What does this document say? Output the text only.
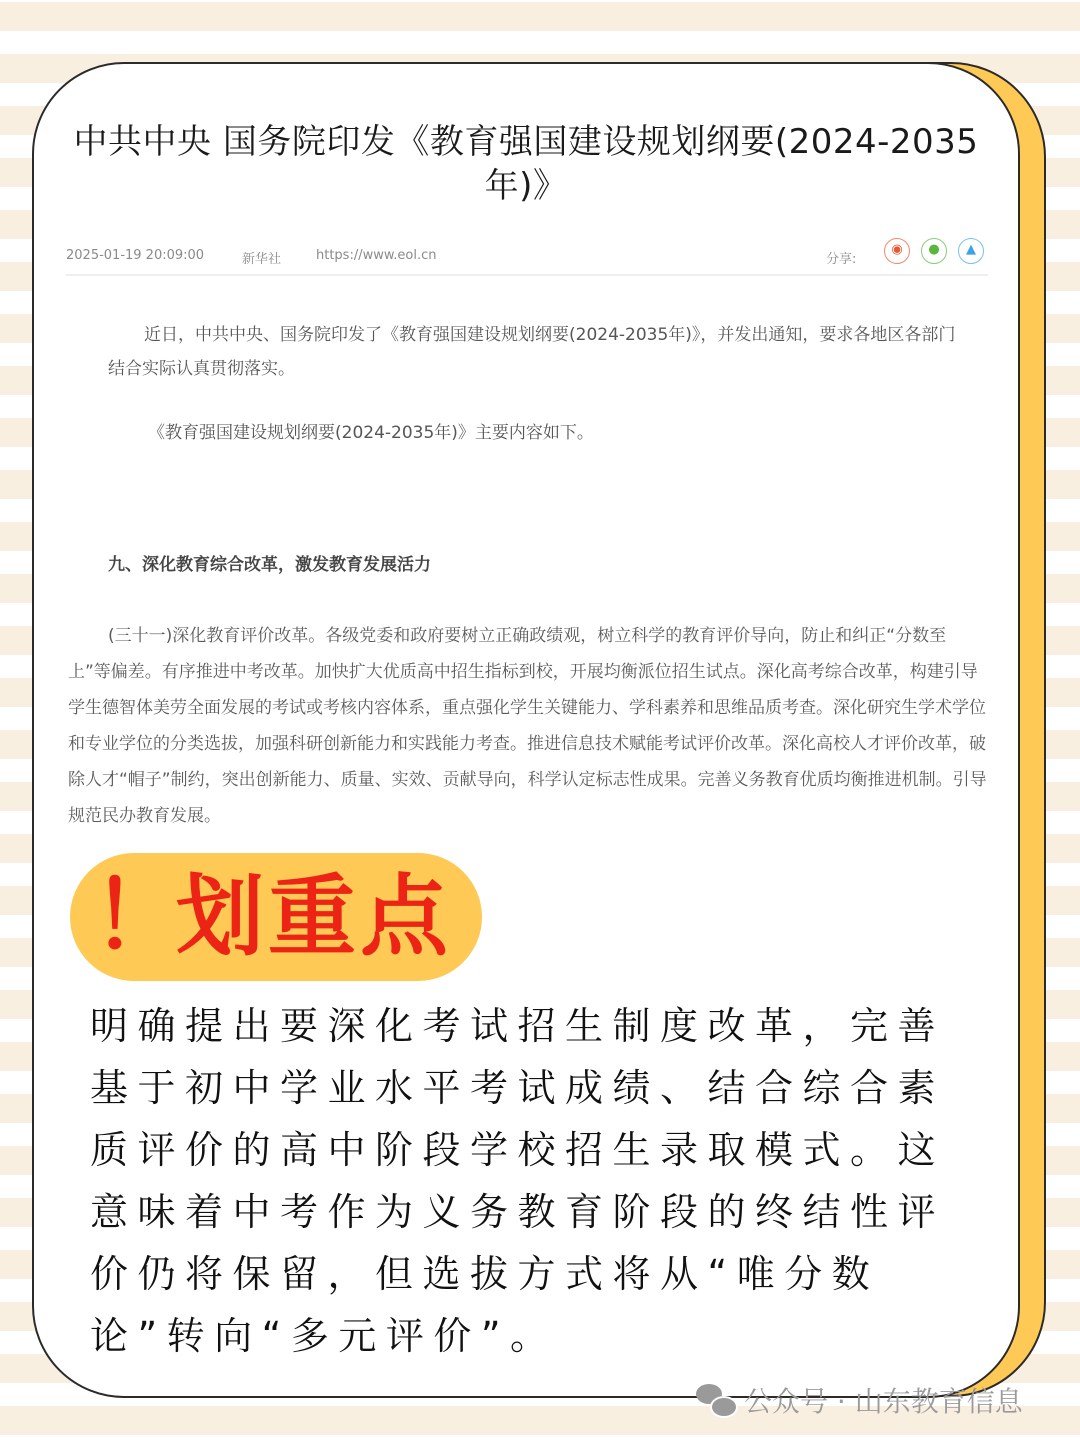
中共中央 国务院印发《教育强国建设规划纲要(2024-2035年)》
2025-01-19 20:09:00	新华社	https://www.eol.cn	分享:
◉ ● ▲

近日，中共中央、国务院印发了《教育强国建设规划纲要(2024-2035年)》，并发出通知，要求各地区各部门结合实际认真贯彻落实。

《教育强国建设规划纲要(2024-2035年)》主要内容如下。

九、深化教育综合改革，激发教育发展活力

(三十一)深化教育评价改革。各级党委和政府要树立正确政绩观，树立科学的教育评价导向，防止和纠正“分数至上”等偏差。有序推进中考改革。加快扩大优质高中招生指标到校，开展均衡派位招生试点。深化高考综合改革，构建引导学生德智体美劳全面发展的考试或考核内容体系，重点强化学生关键能力、学科素养和思维品质考查。深化研究生学术学位和专业学位的分类选拔，加强科研创新能力和实践能力考查。推进信息技术赋能考试评价改革。深化高校人才评价改革，破除人才“帽子”制约，突出创新能力、质量、实效、贡献导向，科学认定标志性成果。完善义务教育优质均衡推进机制。引导规范民办教育发展。

！
划重点

明确提出要深化考试招生制度改革，完善基于初中学业水平考试成绩、结合综合素质评价的高中阶段学校招生录取模式。这意味着中考作为义务教育阶段的终结性评价仍将保留，但选拔方式将从“唯分数论”转向“多元评价”。

公众号 · 山东教育信息
